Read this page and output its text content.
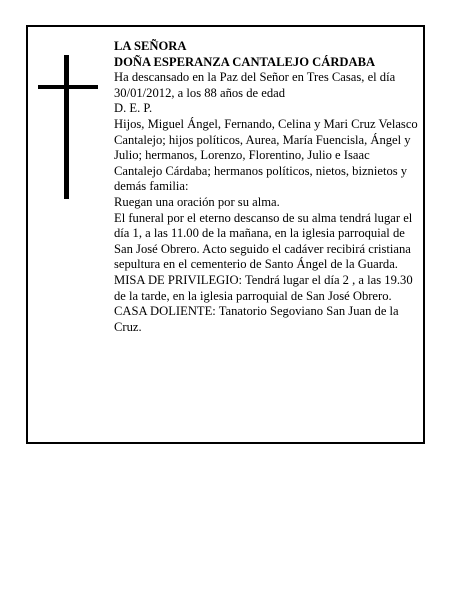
LA SEÑORA

DOÑA ESPERANZA CANTALEJO CÁRDABA

Ha descansado en la Paz del Señor en Tres Casas, el día 30/01/2012, a los 88 años de edad

D. E. P.

Hijos, Miguel Ángel, Fernando, Celina y Mari Cruz Velasco Cantalejo; hijos políticos, Aurea, María Fuencisla, Ángel y Julio; hermanos, Lorenzo, Florentino, Julio e Isaac Cantalejo Cárdaba; hermanos políticos, nietos, biznietos y demás familia:

Ruegan una oración por su alma.

El funeral por el eterno descanso de su alma tendrá lugar el día 1, a las 11.00 de la mañana, en la iglesia parroquial de San José Obrero. Acto seguido el cadáver recibirá cristiana sepultura en el cementerio de Santo Ángel de la Guarda.

MISA DE PRIVILEGIO: Tendrá lugar el día 2 , a las 19.30 de la tarde, en la iglesia parroquial de San José Obrero.

CASA DOLIENTE: Tanatorio Segoviano San Juan de la Cruz.
